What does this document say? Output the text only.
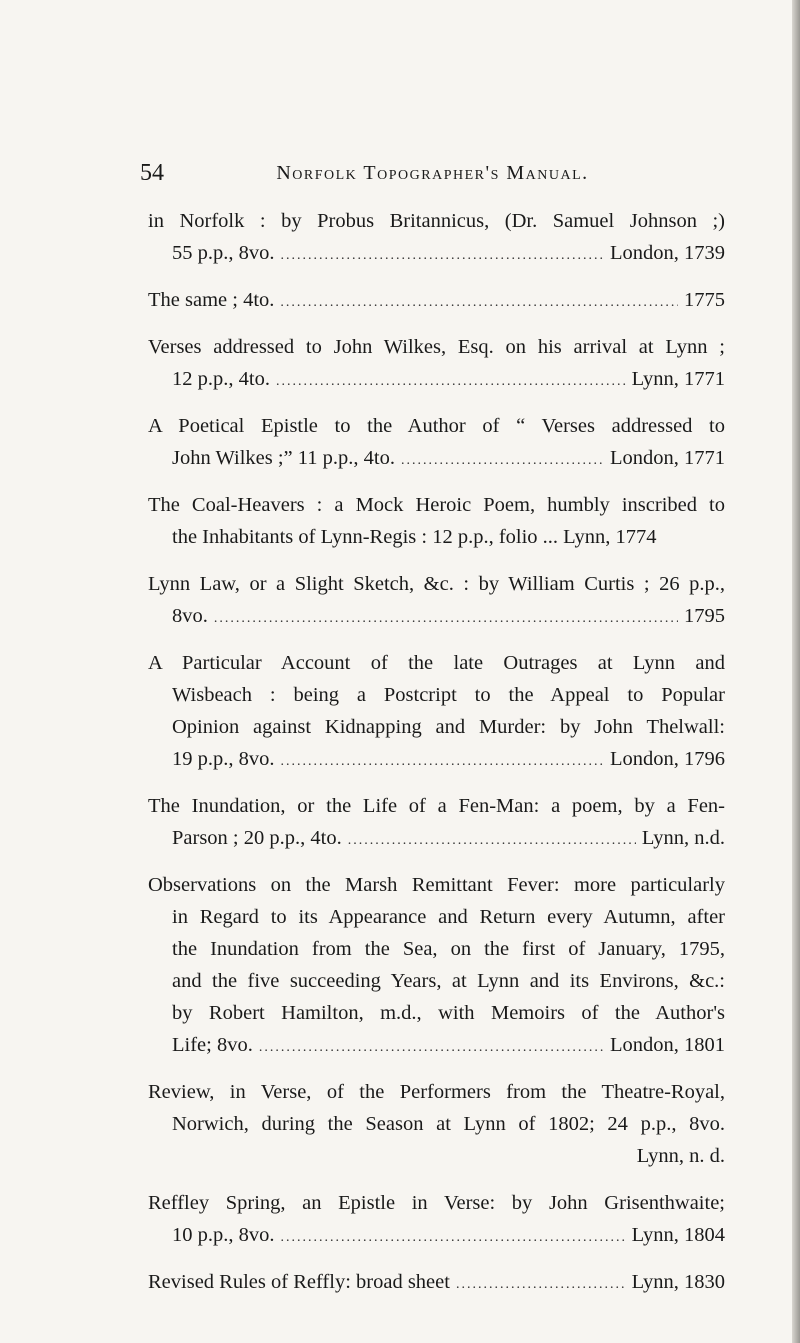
54	Norfolk Topographer's Manual.
in Norfolk : by Probus Britannicus, (Dr. Samuel Johnson ;)
55 p.p., 8vo. .....	London, 1739
The same ; 4to. .....	1775
Verses addressed to John Wilkes, Esq. on his arrival at Lynn ;
12 p.p., 4to. .....	Lynn, 1771
A Poetical Epistle to the Author of “ Verses addressed to
John Wilkes ;” 11 p.p., 4to. .....	London, 1771
The Coal-Heavers : a Mock Heroic Poem, humbly inscribed to
the Inhabitants of Lynn-Regis : 12 p.p., folio ... Lynn, 1774
Lynn Law, or a Slight Sketch, &c. : by William Curtis ; 26 p.p.,
8vo. .....	1795
A Particular Account of the late Outrages at Lynn and
Wisbeach : being a Postcript to the Appeal to Popular
Opinion against Kidnapping and Murder: by John Thelwall:
19 p.p., 8vo. .....	London, 1796
The Inundation, or the Life of a Fen-Man: a poem, by a Fen-
Parson ; 20 p.p., 4to. .....	Lynn, n.d.
Observations on the Marsh Remittant Fever: more particularly
in Regard to its Appearance and Return every Autumn, after
the Inundation from the Sea, on the first of January, 1795,
and the five succeeding Years, at Lynn and its Environs, &c.:
by Robert Hamilton, m.d., with Memoirs of the Author's
Life; 8vo. .....	London, 1801
Review, in Verse, of the Performers from the Theatre-Royal,
Norwich, during the Season at Lynn of 1802; 24 p.p., 8vo.
Lynn, n. d.
Reffley Spring, an Epistle in Verse: by John Grisenthwaite;
10 p.p., 8vo. .....	Lynn, 1804
Revised Rules of Reffly: broad sheet .....	Lynn, 1830
